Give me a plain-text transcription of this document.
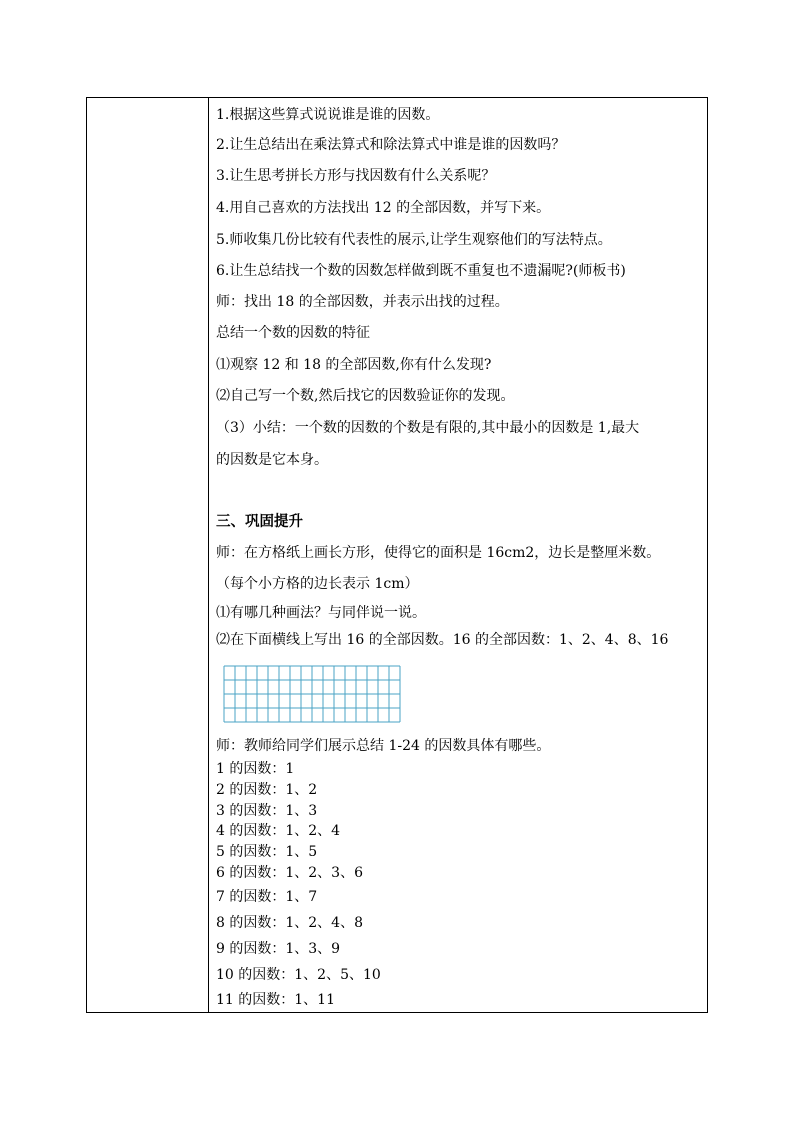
1.根据这些算式说说谁是谁的因数。
2.让生总结出在乘法算式和除法算式中谁是谁的因数吗？
3.让生思考拼长方形与找因数有什么关系呢？
4.用自己喜欢的方法找出 12 的全部因数，并写下来。
5.师收集几份比较有代表性的展示,让学生观察他们的写法特点。
6.让生总结找一个数的因数怎样做到既不重复也不遗漏呢?(师板书)
师：找出 18 的全部因数，并表示出找的过程。
总结一个数的因数的特征
⑴观察 12 和 18 的全部因数,你有什么发现?
⑵自己写一个数,然后找它的因数验证你的发现。
（3）小结：一个数的因数的个数是有限的,其中最小的因数是 1,最大
的因数是它本身。
三、巩固提升
师：在方格纸上画长方形，使得它的面积是 16cm2，边长是整厘米数。
（每个小方格的边长表示 1cm）
⑴有哪几种画法？与同伴说一说。
⑵在下面横线上写出 16 的全部因数。16 的全部因数：1、2、4、8、16
师：教师给同学们展示总结 1-24 的因数具体有哪些。
1 的因数：1
2 的因数：1、2
3 的因数：1、3
4 的因数：1、2、4
5 的因数：1、5
6 的因数：1、2、3、6
7 的因数：1、7
8 的因数：1、2、4、8
9 的因数：1、3、9
10 的因数：1、2、5、10
11 的因数：1、11
